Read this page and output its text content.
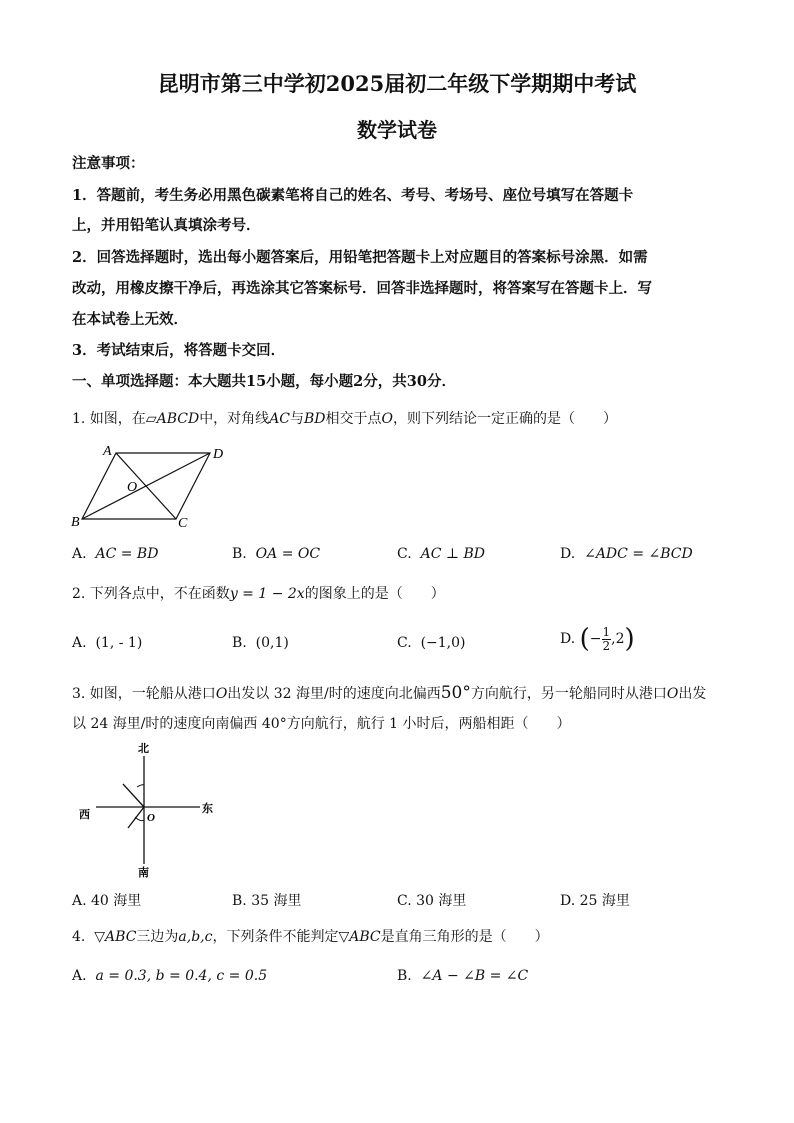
昆明市第三中学初2025届初二年级下学期期中考试
数学试卷
注意事项：
1．答题前，考生务必用黑色碳素笔将自己的姓名、考号、考场号、座位号填写在答题卡
上，并用铅笔认真填涂考号．
2．回答选择题时，选出每小题答案后，用铅笔把答题卡上对应题目的答案标号涂黑．如需
改动，用橡皮擦干净后，再选涂其它答案标号．回答非选择题时，将答案写在答题卡上．写
在本试卷上无效．
3．考试结束后，将答题卡交回．
一、单项选择题：本大题共15小题，每小题2分，共30分．
1. 如图，在▱ABCD中，对角线AC与BD相交于点O，则下列结论一定正确的是（　　）
A	D
B	C
O
A. AC = BD	B. OA = OC	C. AC ⊥ BD	D. ∠ADC = ∠BCD
2. 下列各点中，不在函数y = 1 − 2x的图象上的是（　　）
A. (1, - 1)	B. (0,1)	C. (−1,0)	D. (− $\frac{1}{2} ,2$)
3. 如图，一轮船从港口O出发以 32 海里/时的速度向北偏西50°方向航行，另一轮船同时从港口O出发
以 24 海里/时的速度向南偏西 40°方向航行，航行 1 小时后，两船相距（　　）
北
南
西	东
O
A. 40 海里	B. 35 海里	C. 30 海里	D. 25 海里
4. ▽ABC三边为a,b,c，下列条件不能判定▽ABC是直角三角形的是（　　）
A. a = 0.3, b = 0.4, c = 0.5	B. ∠A − ∠B = ∠C
